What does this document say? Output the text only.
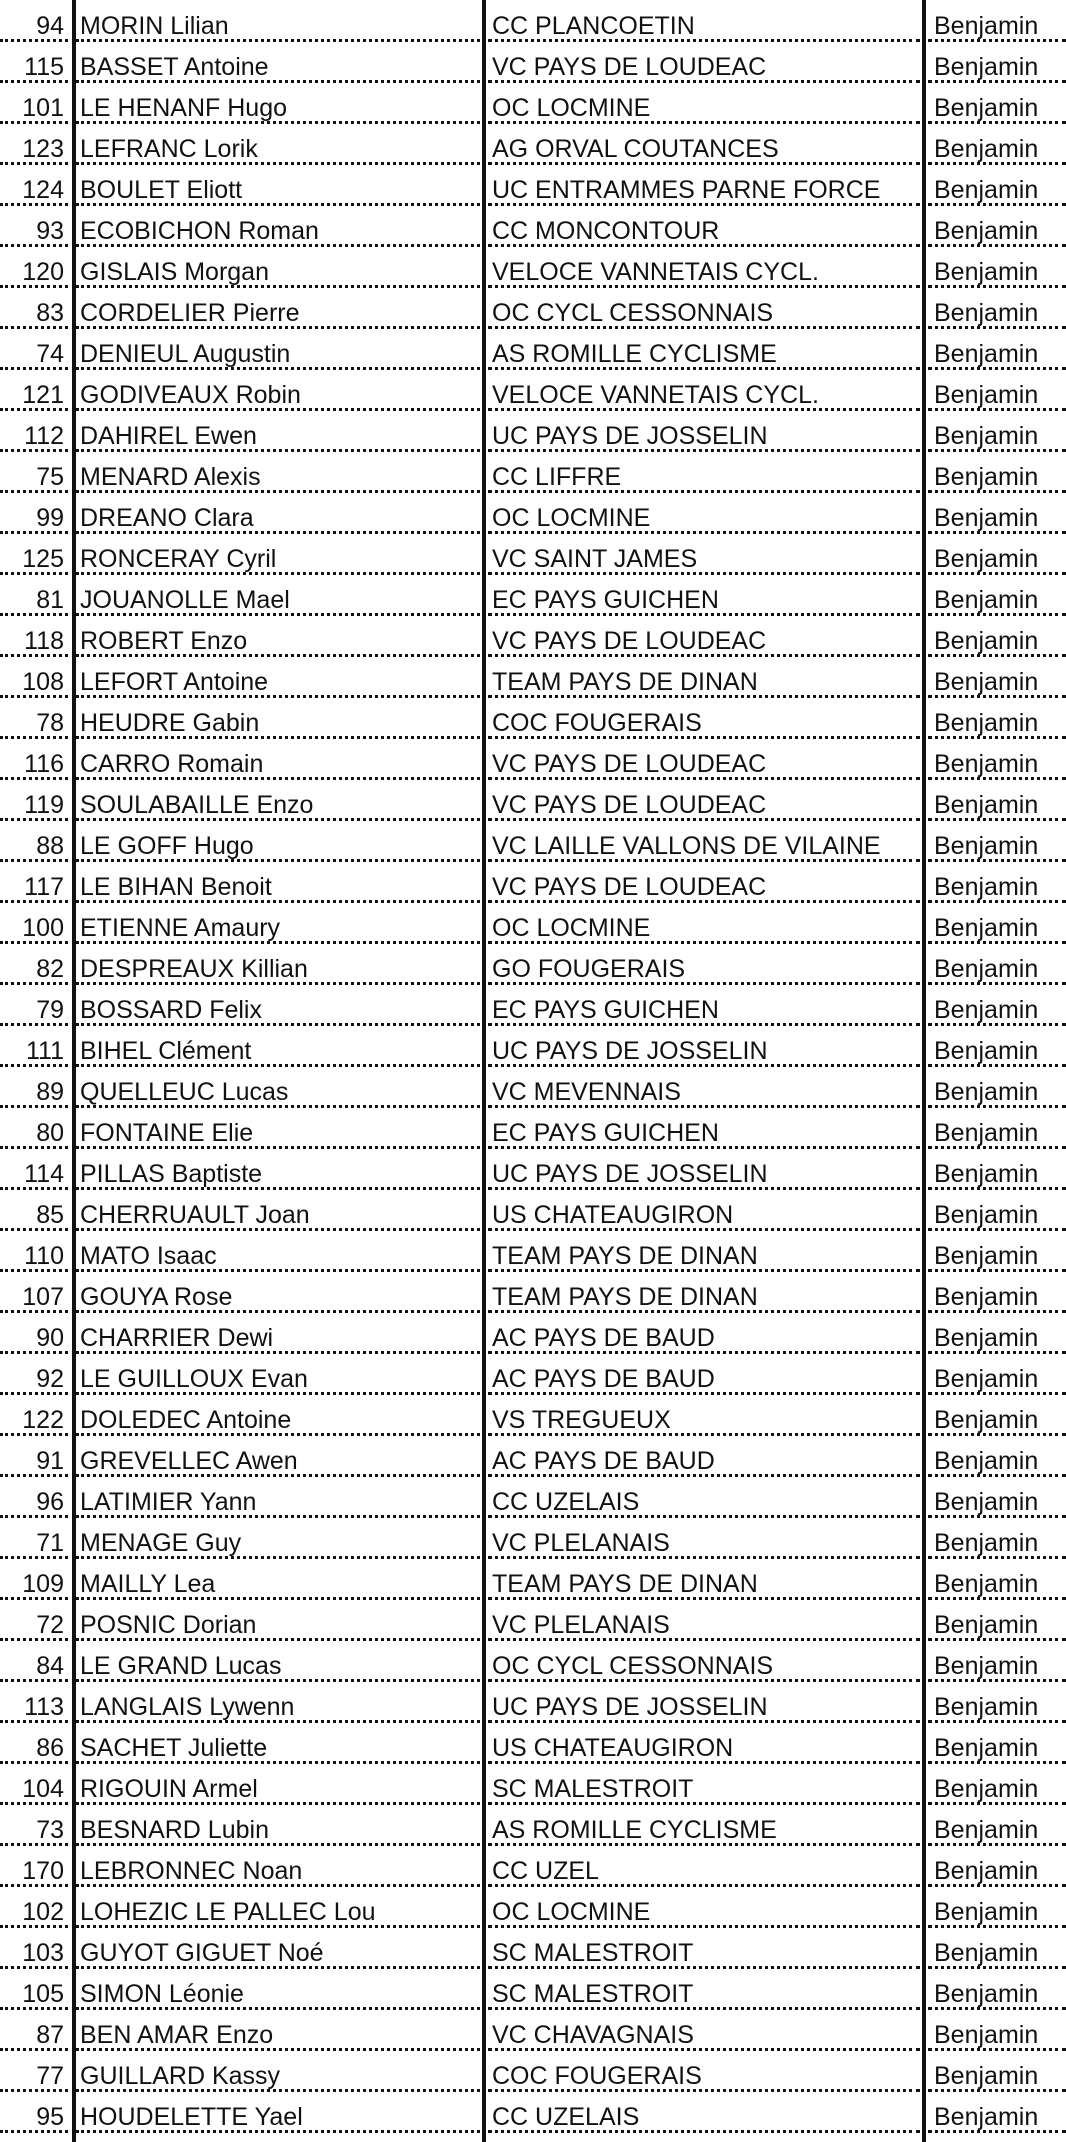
94 MORIN Lilian	CC PLANCOETIN	Benjamin
115 BASSET Antoine	VC PAYS DE LOUDEAC	Benjamin
101 LE HENANF Hugo	OC LOCMINE	Benjamin
123 LEFRANC Lorik	AG ORVAL COUTANCES	Benjamin
124 BOULET Eliott	UC ENTRAMMES PARNE FORCE	Benjamin
93 ECOBICHON Roman	CC MONCONTOUR	Benjamin
120 GISLAIS Morgan	VELOCE VANNETAIS CYCL.	Benjamin
83 CORDELIER Pierre	OC CYCL CESSONNAIS	Benjamin
74 DENIEUL Augustin	AS ROMILLE CYCLISME	Benjamin
121 GODIVEAUX Robin	VELOCE VANNETAIS CYCL.	Benjamin
112 DAHIREL Ewen	UC PAYS DE JOSSELIN	Benjamin
75 MENARD Alexis	CC LIFFRE	Benjamin
99 DREANO Clara	OC LOCMINE	Benjamin
125 RONCERAY Cyril	VC SAINT JAMES	Benjamin
81 JOUANOLLE Mael	EC PAYS GUICHEN	Benjamin
118 ROBERT Enzo	VC PAYS DE LOUDEAC	Benjamin
108 LEFORT Antoine	TEAM PAYS DE DINAN	Benjamin
78 HEUDRE Gabin	COC FOUGERAIS	Benjamin
116 CARRO Romain	VC PAYS DE LOUDEAC	Benjamin
119 SOULABAILLE Enzo	VC PAYS DE LOUDEAC	Benjamin
88 LE GOFF Hugo	VC LAILLE VALLONS DE VILAINE	Benjamin
117 LE BIHAN Benoit	VC PAYS DE LOUDEAC	Benjamin
100 ETIENNE Amaury	OC LOCMINE	Benjamin
82 DESPREAUX Killian	GO FOUGERAIS	Benjamin
79 BOSSARD Felix	EC PAYS GUICHEN	Benjamin
111 BIHEL Clément	UC PAYS DE JOSSELIN	Benjamin
89 QUELLEUC Lucas	VC MEVENNAIS	Benjamin
80 FONTAINE Elie	EC PAYS GUICHEN	Benjamin
114 PILLAS Baptiste	UC PAYS DE JOSSELIN	Benjamin
85 CHERRUAULT Joan	US CHATEAUGIRON	Benjamin
110 MATO Isaac	TEAM PAYS DE DINAN	Benjamin
107 GOUYA Rose	TEAM PAYS DE DINAN	Benjamin
90 CHARRIER Dewi	AC PAYS DE BAUD	Benjamin
92 LE GUILLOUX Evan	AC PAYS DE BAUD	Benjamin
122 DOLEDEC Antoine	VS TREGUEUX	Benjamin
91 GREVELLEC Awen	AC PAYS DE BAUD	Benjamin
96 LATIMIER Yann	CC UZELAIS	Benjamin
71 MENAGE Guy	VC PLELANAIS	Benjamin
109 MAILLY Lea	TEAM PAYS DE DINAN	Benjamin
72 POSNIC Dorian	VC PLELANAIS	Benjamin
84 LE GRAND Lucas	OC CYCL CESSONNAIS	Benjamin
113 LANGLAIS Lywenn	UC PAYS DE JOSSELIN	Benjamin
86 SACHET Juliette	US CHATEAUGIRON	Benjamin
104 RIGOUIN Armel	SC MALESTROIT	Benjamin
73 BESNARD Lubin	AS ROMILLE CYCLISME	Benjamin
170 LEBRONNEC Noan	CC UZEL	Benjamin
102 LOHEZIC LE PALLEC Lou	OC LOCMINE	Benjamin
103 GUYOT GIGUET Noé	SC MALESTROIT	Benjamin
105 SIMON Léonie	SC MALESTROIT	Benjamin
87 BEN AMAR Enzo	VC CHAVAGNAIS	Benjamin
77 GUILLARD Kassy	COC FOUGERAIS	Benjamin
95 HOUDELETTE Yael	CC UZELAIS	Benjamin
